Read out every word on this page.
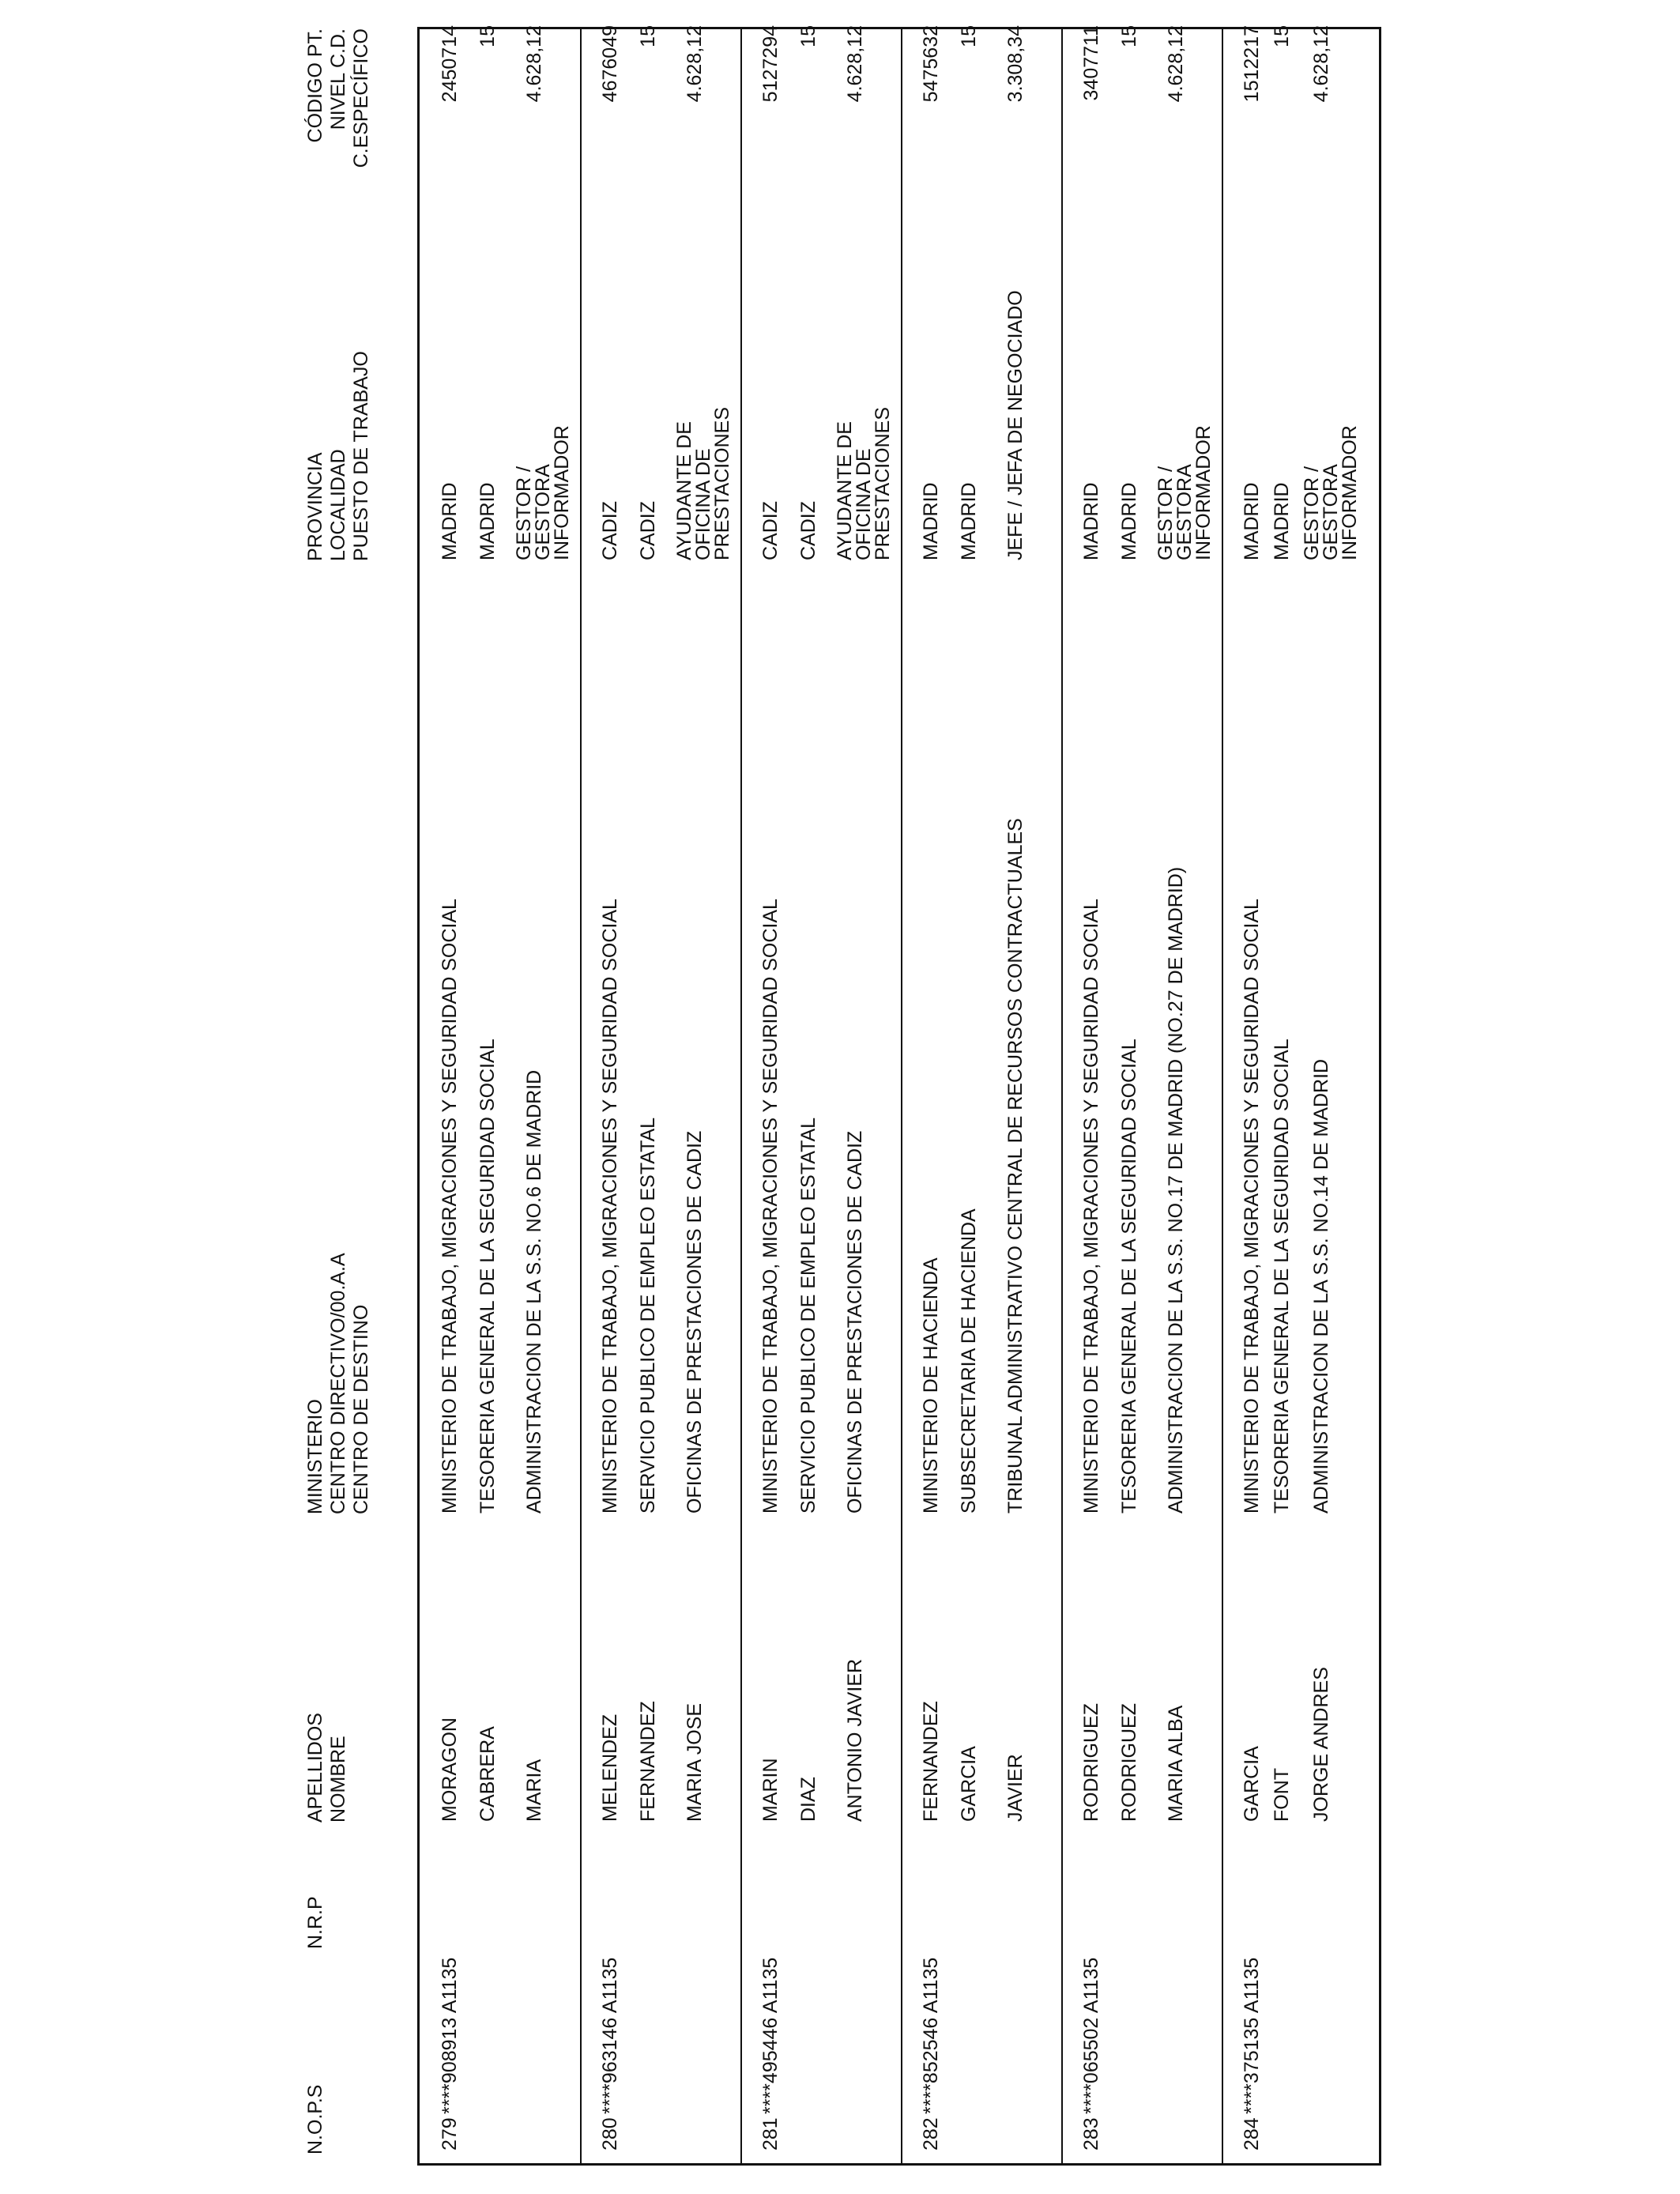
N.O.P.S
N.R.P
APELLIDOS NOMBRE
MINISTERIO CENTRO DIRECTIVO/00.A.A CENTRO DE DESTINO
PROVINCIA LOCALIDAD PUESTO DE TRABAJO
CÓDIGO PT. NIVEL C.D. C.ESPECÍFICO
279
****908913 A1135
MORAGON CABRERA MARIA
MINISTERIO DE TRABAJO, MIGRACIONES Y SEGURIDAD SOCIAL TESORERIA GENERAL DE LA SEGURIDAD SOCIAL ADMINISTRACION DE LA S.S. NO.6 DE MADRID
MADRID MADRID GESTOR / GESTORA INFORMADOR
2450714 15 4.628,12
280
****963146 A1135
MELENDEZ FERNANDEZ MARIA JOSE
MINISTERIO DE TRABAJO, MIGRACIONES Y SEGURIDAD SOCIAL SERVICIO PUBLICO DE EMPLEO ESTATAL OFICINAS DE PRESTACIONES DE CADIZ
CADIZ CADIZ AYUDANTE DE OFICINA DE PRESTACIONES
4676049 15 4.628,12
281
****495446 A1135
MARIN DIAZ ANTONIO JAVIER
MINISTERIO DE TRABAJO, MIGRACIONES Y SEGURIDAD SOCIAL SERVICIO PUBLICO DE EMPLEO ESTATAL OFICINAS DE PRESTACIONES DE CADIZ
CADIZ CADIZ AYUDANTE DE OFICINA DE PRESTACIONES
5127294 15 4.628,12
282
****852546 A1135
FERNANDEZ GARCIA JAVIER
MINISTERIO DE HACIENDA SUBSECRETARIA DE HACIENDA TRIBUNAL ADMINISTRATIVO CENTRAL DE RECURSOS CONTRACTUALES
MADRID MADRID JEFE / JEFA DE NEGOCIADO
5475632 15 3.308,34
283
****065502 A1135
RODRIGUEZ RODRIGUEZ MARIA ALBA
MINISTERIO DE TRABAJO, MIGRACIONES Y SEGURIDAD SOCIAL TESORERIA GENERAL DE LA SEGURIDAD SOCIAL ADMINISTRACION DE LA S.S. NO.17 DE MADRID (NO.27 DE MADRID)
MADRID MADRID GESTOR / GESTORA INFORMADOR
3407711 15 4.628,12
284
****375135 A1135
GARCIA FONT JORGE ANDRES
MINISTERIO DE TRABAJO, MIGRACIONES Y SEGURIDAD SOCIAL TESORERIA GENERAL DE LA SEGURIDAD SOCIAL ADMINISTRACION DE LA S.S. NO.14 DE MADRID
MADRID MADRID GESTOR / GESTORA INFORMADOR
1512217 15 4.628,12
